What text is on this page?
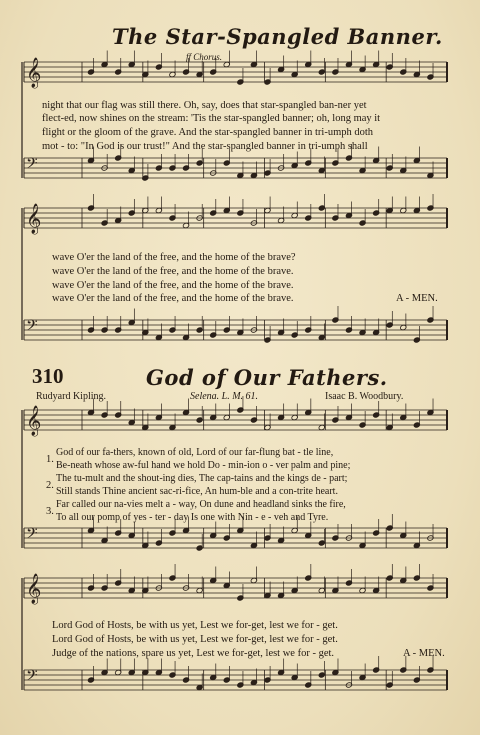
𝄞
𝄢
𝄞
𝄢
𝄞
𝄢
𝄞
𝄢
The Star-Spangled Banner.
ff Chorus.
night that our flag was still there. Oh, say, does that star-spangled ban-ner yet
flect-ed, now shines on the stream: 'Tis the star-spangled banner; oh, long may it
flight or the gloom of the grave. And the star-spangled banner in tri-umph doth
mot - to: "In God is our trust!" And the star-spangled banner in tri-umph shall
wave O'er the land of the free, and the home of the brave?
wave O'er the land of the free, and the home of the brave.
wave O'er the land of the free, and the home of the brave.
wave O'er the land of the free, and the home of the brave.	A - MEN.
310	God of Our Fathers.
Rudyard Kipling.	Selena. L. M. 61.	Isaac B. Woodbury.
1.
2.
3.
God of our fa-thers, known of old, Lord of our far-flung bat - tle line,
Be-neath whose aw-ful hand we hold Do - min-ion o - ver palm and pine;
The tu-mult and the shout-ing dies, The cap-tains and the kings de - part;
Still stands Thine ancient sac-ri-fice, An hum-ble and a con-trite heart.
Far called our na-vies melt a - way, On dune and headland sinks the fire,
To all our pomp of yes - ter - day Is one with Nin - e - veh and Tyre.
Lord God of Hosts, be with us yet, Lest we for-get, lest we for - get.
Lord God of Hosts, be with us yet, Lest we for-get, lest we for - get.
Judge of the nations, spare us yet, Lest we for-get, lest we for - get.	A - MEN.
